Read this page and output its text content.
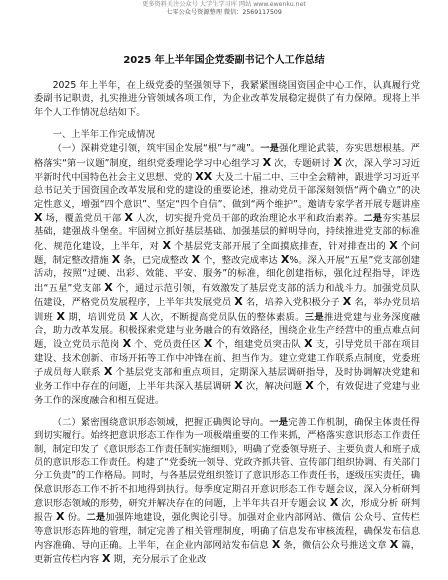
更多资料关注公众号 大学生学习库 网站 www.ewenku.net
七零公众号资源整理 微信：2569117509
2025 年上半年国企党委副书记个人工作总结

2025 年上半年，在上级党委的坚强领导下，我紧紧围绕国资国企中心工作，认真履行党委副书记职责，扎实推进分管领域各项工作，为企业改革发展稳定提供了有力保障。现将上半年个人工作情况总结如下。

一、上半年工作完成情况

（一）深耕党建引领，筑牢国企发展“根”与“魂”。一是强化理论武装，夯实思想根基。严格落实“第一议题”制度，组织党委理论学习中心组学习 X 次，专题研讨 X 次，深入学习习近平新时代中国特色社会主义思想、党的 XX 大及二十届二中、三中全会精神，跟进学习习近平总书记关于国资国企改革发展和党的建设的重要论述，推动党员干部深刻领悟“两个确立”的决定性意义，增强“四个意识”、坚定“四个自信”、做到“两个维护”。邀请专家学者开展专题讲座 X 场，覆盖党员干部 X 人次，切实提升党员干部的政治理论水平和政治素养。二是夯实基层基础，建强战斗堡垒。牢固树立抓好基层基础、加强基层的鲜明导向，持续推进党支部的标准化、规范化建设，上半年，对 X 个基层党支部开展了全面摸底排查，针对排查出的 X 个问题，制定整改措施 X 条，已完成整改 X 个，整改完成率达 X%。深入开展“五星”党支部创建活动，按照“过硬、出彩、效能、平安、服务”的标准，细化创建指标，强化过程指导，评选出“五星”党支部 X 个，通过示范引领，有效激发了基层党支部的活力和战斗力。加强党员队伍建设，严格党员发展程序，上半年共发展党员 X 名，培养入党积极分子 X 名，举办党员培训班 X 期，培训党员 X 人次，不断提高党员队伍的整体素质。三是推进党建与业务深度融合，助力改革发展。积极探索党建与业务融合的有效路径，围绕企业生产经营中的重点难点问题，设立党员示范岗 X 个、党员责任区 X 个，组建党员突击队 X 支，引导党员干部在项目建设、技术创新、市场开拓等工作中冲锋在前、担当作为。建立党建工作联系点制度，党委班子成员每人联系 X 个基层党支部和重点项目，定期深入基层调研指导，及时协调解决党建和业务工作中存在的问题，上半年共深入基层调研 X 次，解决问题 X 个，有效促进了党建与业务工作的深度融合和相互促进。

（二）紧密围绕意识形态领域，把握正确舆论导向。一是完善工作机制，确保主体责任得到切实履行。始终把意识形态工作作为一项极端重要的工作来抓，严格落实意识形态工作责任制，制定印发了《意识形态工作责任制实施细则》，明确了党委领导班子、主要负责人和班子成员的意识形态工作责任。构建了“党委统一领导、党政齐抓共管、宣传部门组织协调、有关部门分工负责”的工作格局。同时，与各基层党组织签订了意识形态工作责任书，逐级压实责任，确保意识形态工作不折不扣地得到执行。每季度定期召开意识形态工作专题会议，深入分析研判意识形态领域的形势，研究并解决存在的问题，上半年共召开专题会议 X 次，形成分析 研判报告 X 份。二是加强阵地建设，强化舆论引导。加强对企业内部网站、微信 公众号、宣传栏等意识形态阵地的管理，制定完善了相关管理制度，明确了信息发布审核流程，确保发布信息内容准确、导向正确。上半年，在企业内部网站发布信息 X 条，微信公众号推送文章 X 篇，更新宣传栏内容 X 期，充分展示了企业改
